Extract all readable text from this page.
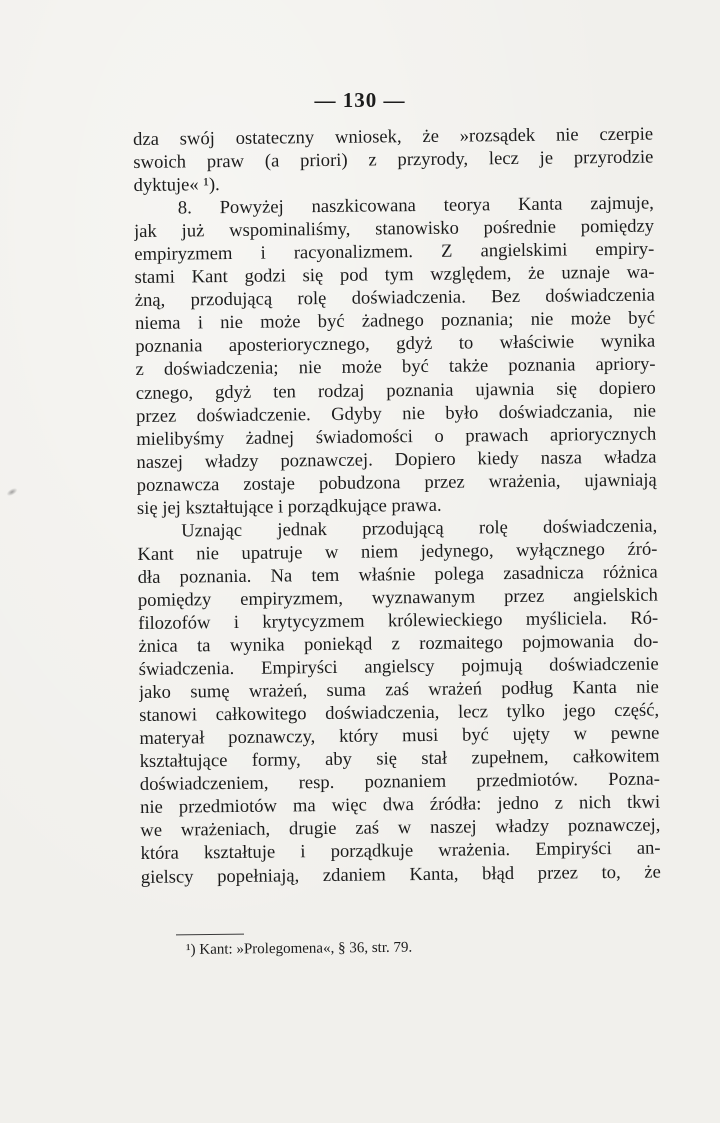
— 130 —
dza swój ostateczny wniosek, że »rozsądek nie czerpie
swoich praw (a priori) z przyrody, lecz je przyrodzie
dyktuje« ¹).
8. Powyżej naszkicowana teorya Kanta zajmuje,
jak już wspominaliśmy, stanowisko pośrednie pomiędzy
empiryzmem i racyonalizmem. Z angielskimi empiry-
stami Kant godzi się pod tym względem, że uznaje wa-
żną, przodującą rolę doświadczenia. Bez doświadczenia
niema i nie może być żadnego poznania; nie może być
poznania aposteriorycznego, gdyż to właściwie wynika
z doświadczenia; nie może być także poznania apriory-
cznego, gdyż ten rodzaj poznania ujawnia się dopiero
przez doświadczenie. Gdyby nie było doświadczania, nie
mielibyśmy żadnej świadomości o prawach apriorycznych
naszej władzy poznawczej. Dopiero kiedy nasza władza
poznawcza zostaje pobudzona przez wrażenia, ujawniają
się jej kształtujące i porządkujące prawa.
Uznając jednak przodującą rolę doświadczenia,
Kant nie upatruje w niem jedynego, wyłącznego źró-
dła poznania. Na tem właśnie polega zasadnicza różnica
pomiędzy empiryzmem, wyznawanym przez angielskich
filozofów i krytycyzmem królewieckiego myśliciela. Ró-
żnica ta wynika poniekąd z rozmaitego pojmowania do-
świadczenia. Empiryści angielscy pojmują doświadczenie
jako sumę wrażeń, suma zaś wrażeń podług Kanta nie
stanowi całkowitego doświadczenia, lecz tylko jego część,
materyał poznawczy, który musi być ujęty w pewne
kształtujące formy, aby się stał zupełnem, całkowitem
doświadczeniem, resp. poznaniem przedmiotów. Pozna-
nie przedmiotów ma więc dwa źródła: jedno z nich tkwi
we wrażeniach, drugie zaś w naszej władzy poznawczej,
która kształtuje i porządkuje wrażenia. Empiryści an-
gielscy popełniają, zdaniem Kanta, błąd przez to, że
¹) Kant: »Prolegomena«, § 36, str. 79.
